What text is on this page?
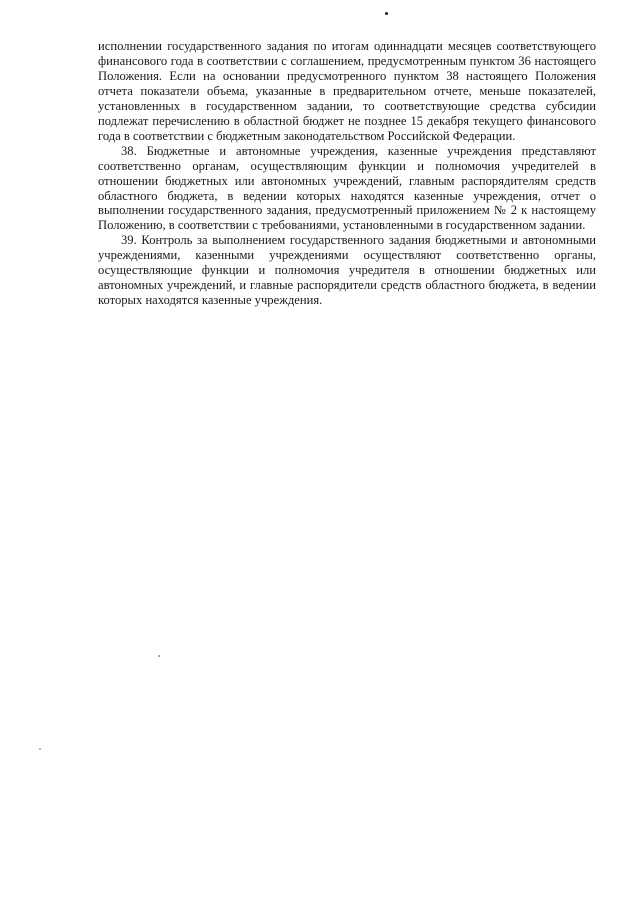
исполнении государственного задания по итогам одиннадцати месяцев соответствующего финансового года в соответствии с соглашением, предусмотренным пунктом 36 настоящего Положения. Если на основании предусмотренного пунктом 38 настоящего Положения отчета показатели объема, указанные в предварительном отчете, меньше показателей, установленных в государственном задании, то соответствующие средства субсидии подлежат перечислению в областной бюджет не позднее 15 декабря текущего финансового года в соответствии с бюджетным законодательством Российской Федерации.

38. Бюджетные и автономные учреждения, казенные учреждения представляют соответственно органам, осуществляющим функции и полномочия учредителей в отношении бюджетных или автономных учреждений, главным распорядителям средств областного бюджета, в ведении которых находятся казенные учреждения, отчет о выполнении государственного задания, предусмотренный приложением № 2 к настоящему Положению, в соответствии с требованиями, установленными в государственном задании.

39. Контроль за выполнением государственного задания бюджетными и автономными учреждениями, казенными учреждениями осуществляют соответственно органы, осуществляющие функции и полномочия учредителя в отношении бюджетных или автономных учреждений, и главные распорядители средств областного бюджета, в ведении которых находятся казенные учреждения.
